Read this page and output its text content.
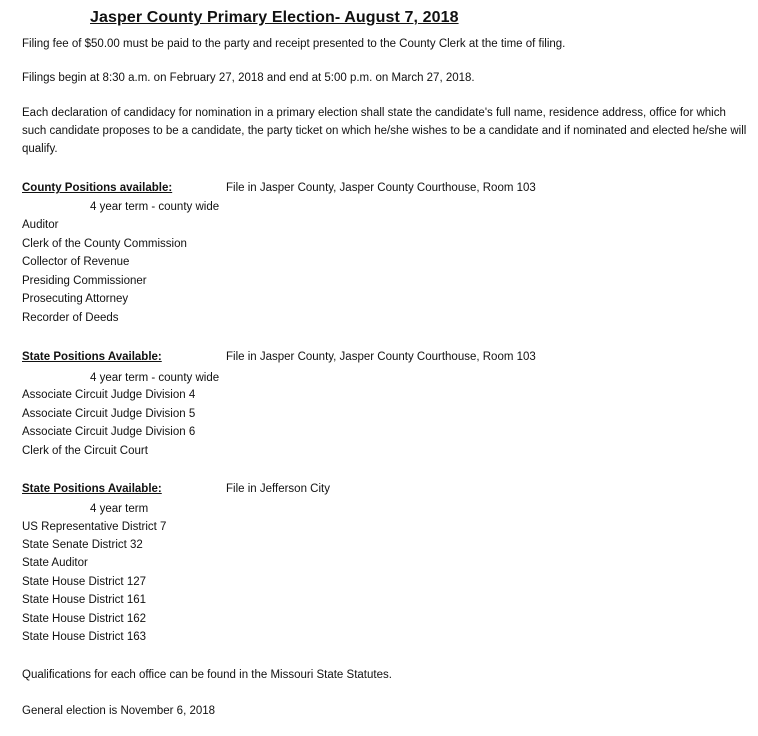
Jasper County Primary Election- August 7, 2018
Filing fee of $50.00 must be paid to the party and receipt presented to the County Clerk at the time of filing.
Filings begin at 8:30 a.m. on February 27, 2018 and end at 5:00 p.m. on March 27, 2018.
Each declaration of candidacy for nomination in a primary election shall state the candidate's full name, residence address, office for which such candidate proposes to be a candidate, the party ticket on which he/she wishes to be a candidate and if nominated and elected he/she will qualify.
County Positions available:	File in Jasper County, Jasper County Courthouse, Room 103
4 year term - county wide
Auditor
Clerk of the County Commission
Collector of Revenue
Presiding Commissioner
Prosecuting Attorney
Recorder of Deeds
State Positions Available:	File in Jasper County, Jasper County Courthouse, Room 103
4 year term - county wide
Associate Circuit Judge Division 4
Associate Circuit Judge Division 5
Associate Circuit Judge Division 6
Clerk of the Circuit Court
State Positions Available:	File in Jefferson City
4 year term
US Representative District 7
State Senate District 32
State Auditor
State House District 127
State House District 161
State House District 162
State House District 163
Qualifications for each office can be found in the Missouri State Statutes.
General election is November 6, 2018
